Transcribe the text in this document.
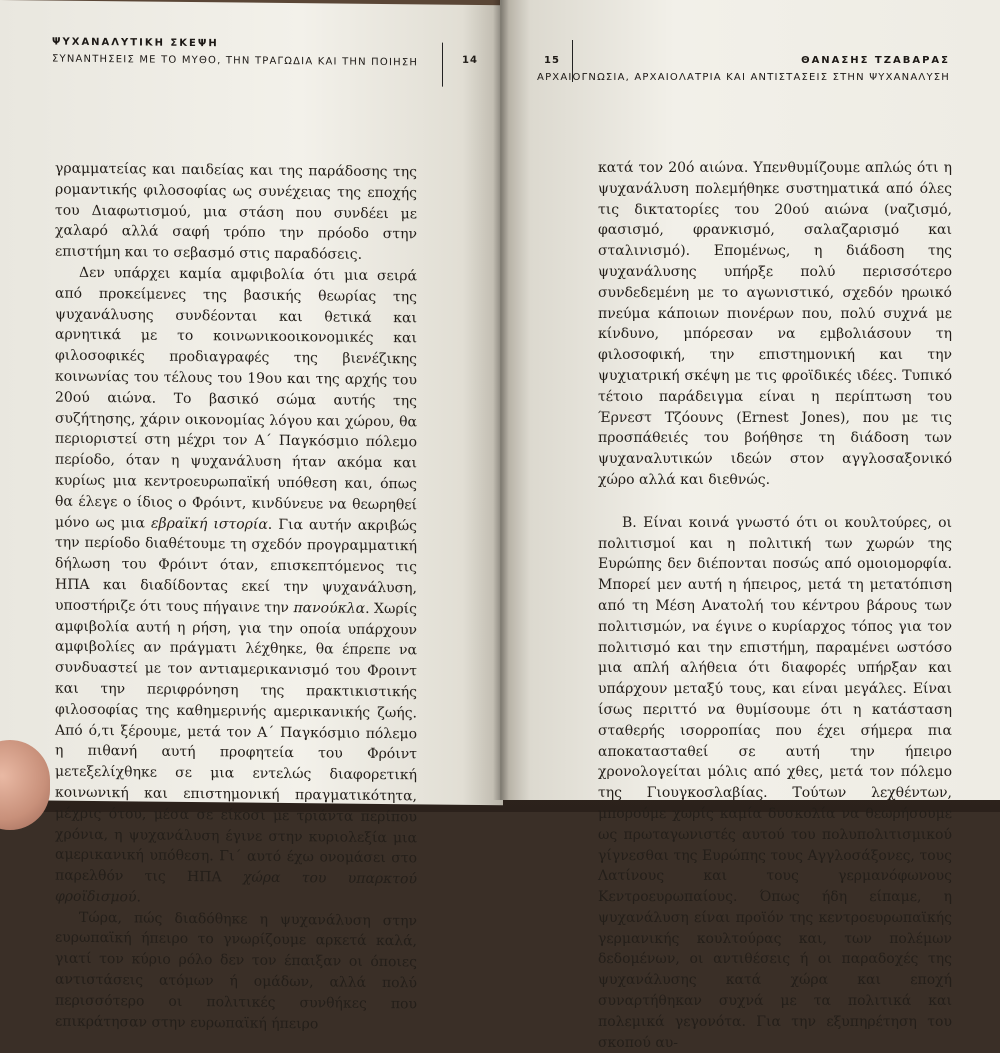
ΨΥΧΑΝΑΛΥΤΙΚΗ ΣΚΕΨΗ
ΣΥΝΑΝΤΗΣΕΙΣ ΜΕ ΤΟ ΜΥΘΟ, ΤΗΝ ΤΡΑΓΩΔΙΑ ΚΑΙ ΤΗΝ ΠΟΙΗΣΗ	14

γραμματείας και παιδείας και της παράδοσης της ρομαντικής φιλοσοφίας ως συνέχειας της εποχής του Διαφωτισμού, μια στάση που συνδέει με χαλαρό αλλά σαφή τρόπο την πρόοδο στην επιστήμη και το σεβασμό στις παραδόσεις.

Δεν υπάρχει καμία αμφιβολία ότι μια σειρά από προκείμενες της βασικής θεωρίας της ψυχανάλυσης συνδέονται και θετικά και αρνητικά με το κοινωνικοοικονομικές και φιλοσοφικές προδιαγραφές της βιενέζικης κοινωνίας του τέλους του 19ου και της αρχής του 20ού αιώνα. Το βασικό σώμα αυτής της συζήτησης, χάριν οικονομίας λόγου και χώρου, θα περιοριστεί στη μέχρι τον Α΄ Παγκόσμιο πόλεμο περίοδο, όταν η ψυχανάλυση ήταν ακόμα και κυρίως μια κεντροευρωπαϊκή υπόθεση και, όπως θα έλεγε ο ίδιος ο Φρόιντ, κινδύνευε να θεωρηθεί μόνο ως μια εβραϊκή ιστορία. Για αυτήν ακριβώς την περίοδο διαθέτουμε τη σχεδόν προγραμματική δήλωση του Φρόιντ όταν, επισκεπτόμενος τις ΗΠΑ και διαδίδοντας εκεί την ψυχανάλυση, υποστήριζε ότι τους πήγαινε την πανούκλα. Χωρίς αμφιβολία αυτή η ρήση, για την οποία υπάρχουν αμφιβολίες αν πράγματι λέχθηκε, θα έπρεπε να συνδυαστεί με τον αντιαμερικανισμό του Φροιντ και την περιφρόνηση της πρακτικιστικής φιλοσοφίας της καθημερινής αμερικανικής ζωής. Από ό,τι ξέρουμε, μετά τον Α΄ Παγκόσμιο πόλεμο η πιθανή αυτή προφητεία του Φρόιντ μετεξελίχθηκε σε μια εντελώς διαφορετική κοινωνική και επιστημονική πραγματικότητα, μέχρις ότου, μέσα σε είκοσι με τριάντα περίπου χρόνια, η ψυχανάλυση έγινε στην κυριολεξία μια αμερικανική υπόθεση. Γι΄ αυτό έχω ονομάσει στο παρελθόν τις ΗΠΑ χώρα του υπαρκτού φροϊδισμού.

Τώρα, πώς διαδόθηκε η ψυχανάλυση στην ευρωπαϊκή ήπειρο το γνωρίζουμε αρκετά καλά, γιατί τον κύριο ρόλο δεν τον έπαιξαν οι όποιες αντιστάσεις ατόμων ή ομάδων, αλλά πολύ περισσότερο οι πολιτικές συνθήκες που επικράτησαν στην ευρωπαϊκή ήπειρο

15	ΘΑΝΑΣΗΣ ΤΖΑΒΑΡΑΣ
ΑΡΧΑΙΟΓΝΩΣΙΑ, ΑΡΧΑΙΟΛΑΤΡΙΑ ΚΑΙ ΑΝΤΙΣΤΑΣΕΙΣ ΣΤΗΝ ΨΥΧΑΝΑΛΥΣΗ

κατά τον 20ό αιώνα. Υπενθυμίζουμε απλώς ότι η ψυχανάλυση πολεμήθηκε συστηματικά από όλες τις δικτατορίες του 20ού αιώνα (ναζισμό, φασισμό, φρανκισμό, σαλαζαρισμό και σταλινισμό). Επομένως, η διάδοση της ψυχανάλυσης υπήρξε πολύ περισσότερο συνδεδεμένη με το αγωνιστικό, σχεδόν ηρωικό πνεύμα κάποιων πιονέρων που, πολύ συχνά με κίνδυνο, μπόρεσαν να εμβολιάσουν τη φιλοσοφική, την επιστημονική και την ψυχιατρική σκέψη με τις φροϊδικές ιδέες. Τυπικό τέτοιο παράδειγμα είναι η περίπτωση του Έρνεστ Τζόουνς (Ernest Jones), που με τις προσπάθειές του βοήθησε τη διάδοση των ψυχαναλυτικών ιδεών στον αγγλοσαξονικό χώρο αλλά και διεθνώς.

Β. Είναι κοινά γνωστό ότι οι κουλτούρες, οι πολιτισμοί και η πολιτική των χωρών της Ευρώπης δεν διέπονται ποσώς από ομοιομορφία. Μπορεί μεν αυτή η ήπειρος, μετά τη μετατόπιση από τη Μέση Ανατολή του κέντρου βάρους των πολιτισμών, να έγινε ο κυρίαρχος τόπος για τον πολιτισμό και την επιστήμη, παραμένει ωστόσο μια απλή αλήθεια ότι διαφορές υπήρξαν και υπάρχουν μεταξύ τους, και είναι μεγάλες. Είναι ίσως περιττό να θυμίσουμε ότι η κατάσταση σταθερής ισορροπίας που έχει σήμερα πια αποκατασταθεί σε αυτή την ήπειρο χρονολογείται μόλις από χθες, μετά τον πόλεμο της Γιουγκοσλαβίας. Τούτων λεχθέντων, μπορούμε χωρίς καμία δυσκολία να θεωρήσουμε ως πρωταγωνιστές αυτού του πολυπολιτισμικού γίγνεσθαι της Ευρώπης τους Αγγλοσάξονες, τους Λατίνους και τους γερμανόφωνους Κεντροευρωπαίους. Όπως ήδη είπαμε, η ψυχανάλυση είναι προϊόν της κεντροευρωπαϊκής γερμανικής κουλτούρας και, των πολέμων δεδομένων, οι αντιθέσεις ή οι παραδοχές της ψυχανάλυσης κατά χώρα και εποχή συναρτήθηκαν συχνά με τα πολιτικά και πολεμικά γεγονότα. Για την εξυπηρέτηση του σκοπού αυ-
